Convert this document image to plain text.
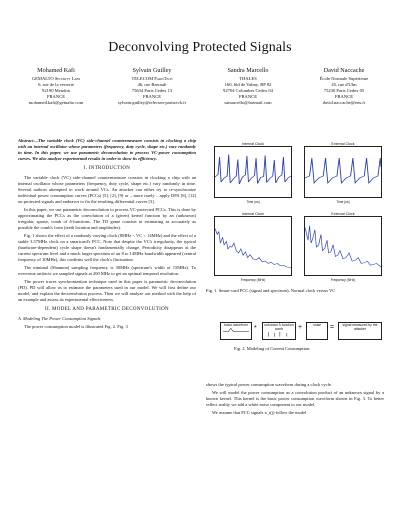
Deconvolving Protected Signals
Mohamed Kafi
GEMALTO Security Labs
6, rue de la verrerie
92190 Meudon
FRANCE
mohamed.kafi@gemalto.com
Sylvain Guilley
TELECOM ParisTech
46, rue Barrault
75634 Paris Cedex 13
FRANCE
sylvain.guilley@telecom-paristech.fr
Sandra Marcello
THALES
160, bld de Valmy, BP 82
92704 Colombes Cedex 04
FRANCE
samarcello@hotmail.com
David Naccache
École Normale Supérieure
45, rue d'Ulm
75230 Paris Cedex 05
FRANCE
david.naccache@ens.fr

Abstract—The variable clock (VC) side-channel countermeasure consists in clocking a chip with an internal oscillator whose parameters (frequency, duty cycle, shape etc.) vary randomly in time. In this paper, we use parametric deconvolution to process VC-power consumption curves. We also analyze experimental results in order to show its efficiency.

I. INTRODUCTION

The variable clock (VC) side-channel countermeasure consists in clocking a chip with an internal oscillator whose parameters (frequency, duty cycle, shape etc.) vary randomly in time. Several authors attempted to work around VCs. An attacker can either try to re-synchronize individual power consumption curves (PCCs) [5], [2], [9] or – more rarely – apply DPA [6], [12] on protected signals and endeavor to fix the resulting differential curves [3].

In this paper, we use parametric deconvolution to process VC-protected PCCs. This is done by approximating the PCCs as the convolution of a (given) kernel function by an (unknown) irregular, sparse, comb of δ-functions. The TD game consists in estimating as accurately as possible the comb's form (teeth location and amplitudes).

Fig. 1 shows the effect of a randomly varying clock (8MHz < VC < 14MHz) and the effect of a stable 3.57MHz clock on a smartcard's PCC. Note that despite the VC's irregularity, the typical (hardware-dependent) cycle shape doesn't fundamentally change. Periodicity disappears at the current spectrum level and a much larger spectrum of an 8 to 14MHz bandwidth appeared (central frequency of 10MHz), this confirms well the clock's fluctuation.

The minimal (Shannon) sampling frequency is 30MHz (spectrum's width of 15MHz). To overcome artifacts we sampled signals at 200 MHz to get an optimal temporal resolution.

The power traces synchronization technique used in this paper is parametric deconvolution (PD). PD will allow us to estimate the parameters used in our model. We will first define our model, and explain the deconvolution process. Then we will analyze our method with the help of an example and assess its experimental effectiveness.

II. MODEL AND PARAMETRIC DECONVOLUTION
A. Modeling The Power Consumption Signals

The power consumption model is illustrated Fig. 2. Fig. 3

Internal Clock
Time (us)
External Clock
Time (us)
Internal Clock
Frequency (MHz)
External Clock
Frequency (MHz)
Fig. 1. Smart-card PCC (signal and spectrum), Normal clock versus VC
basic waveform *	unknown δ-function comb	+	noise	=	signal measured by the attacker
Fig. 2. Modeling of Current Consumption.

shows the typical power consumption waveform during a clock cycle.

We will model the power consumption as a convolution product of an unknown signal by a known kernel. This kernel is the basic power consumption waveform shown in Fig. 3. To better reflect reality we add a white noise component to our model.

We assume that PCC signals x_i(j) follow the model
